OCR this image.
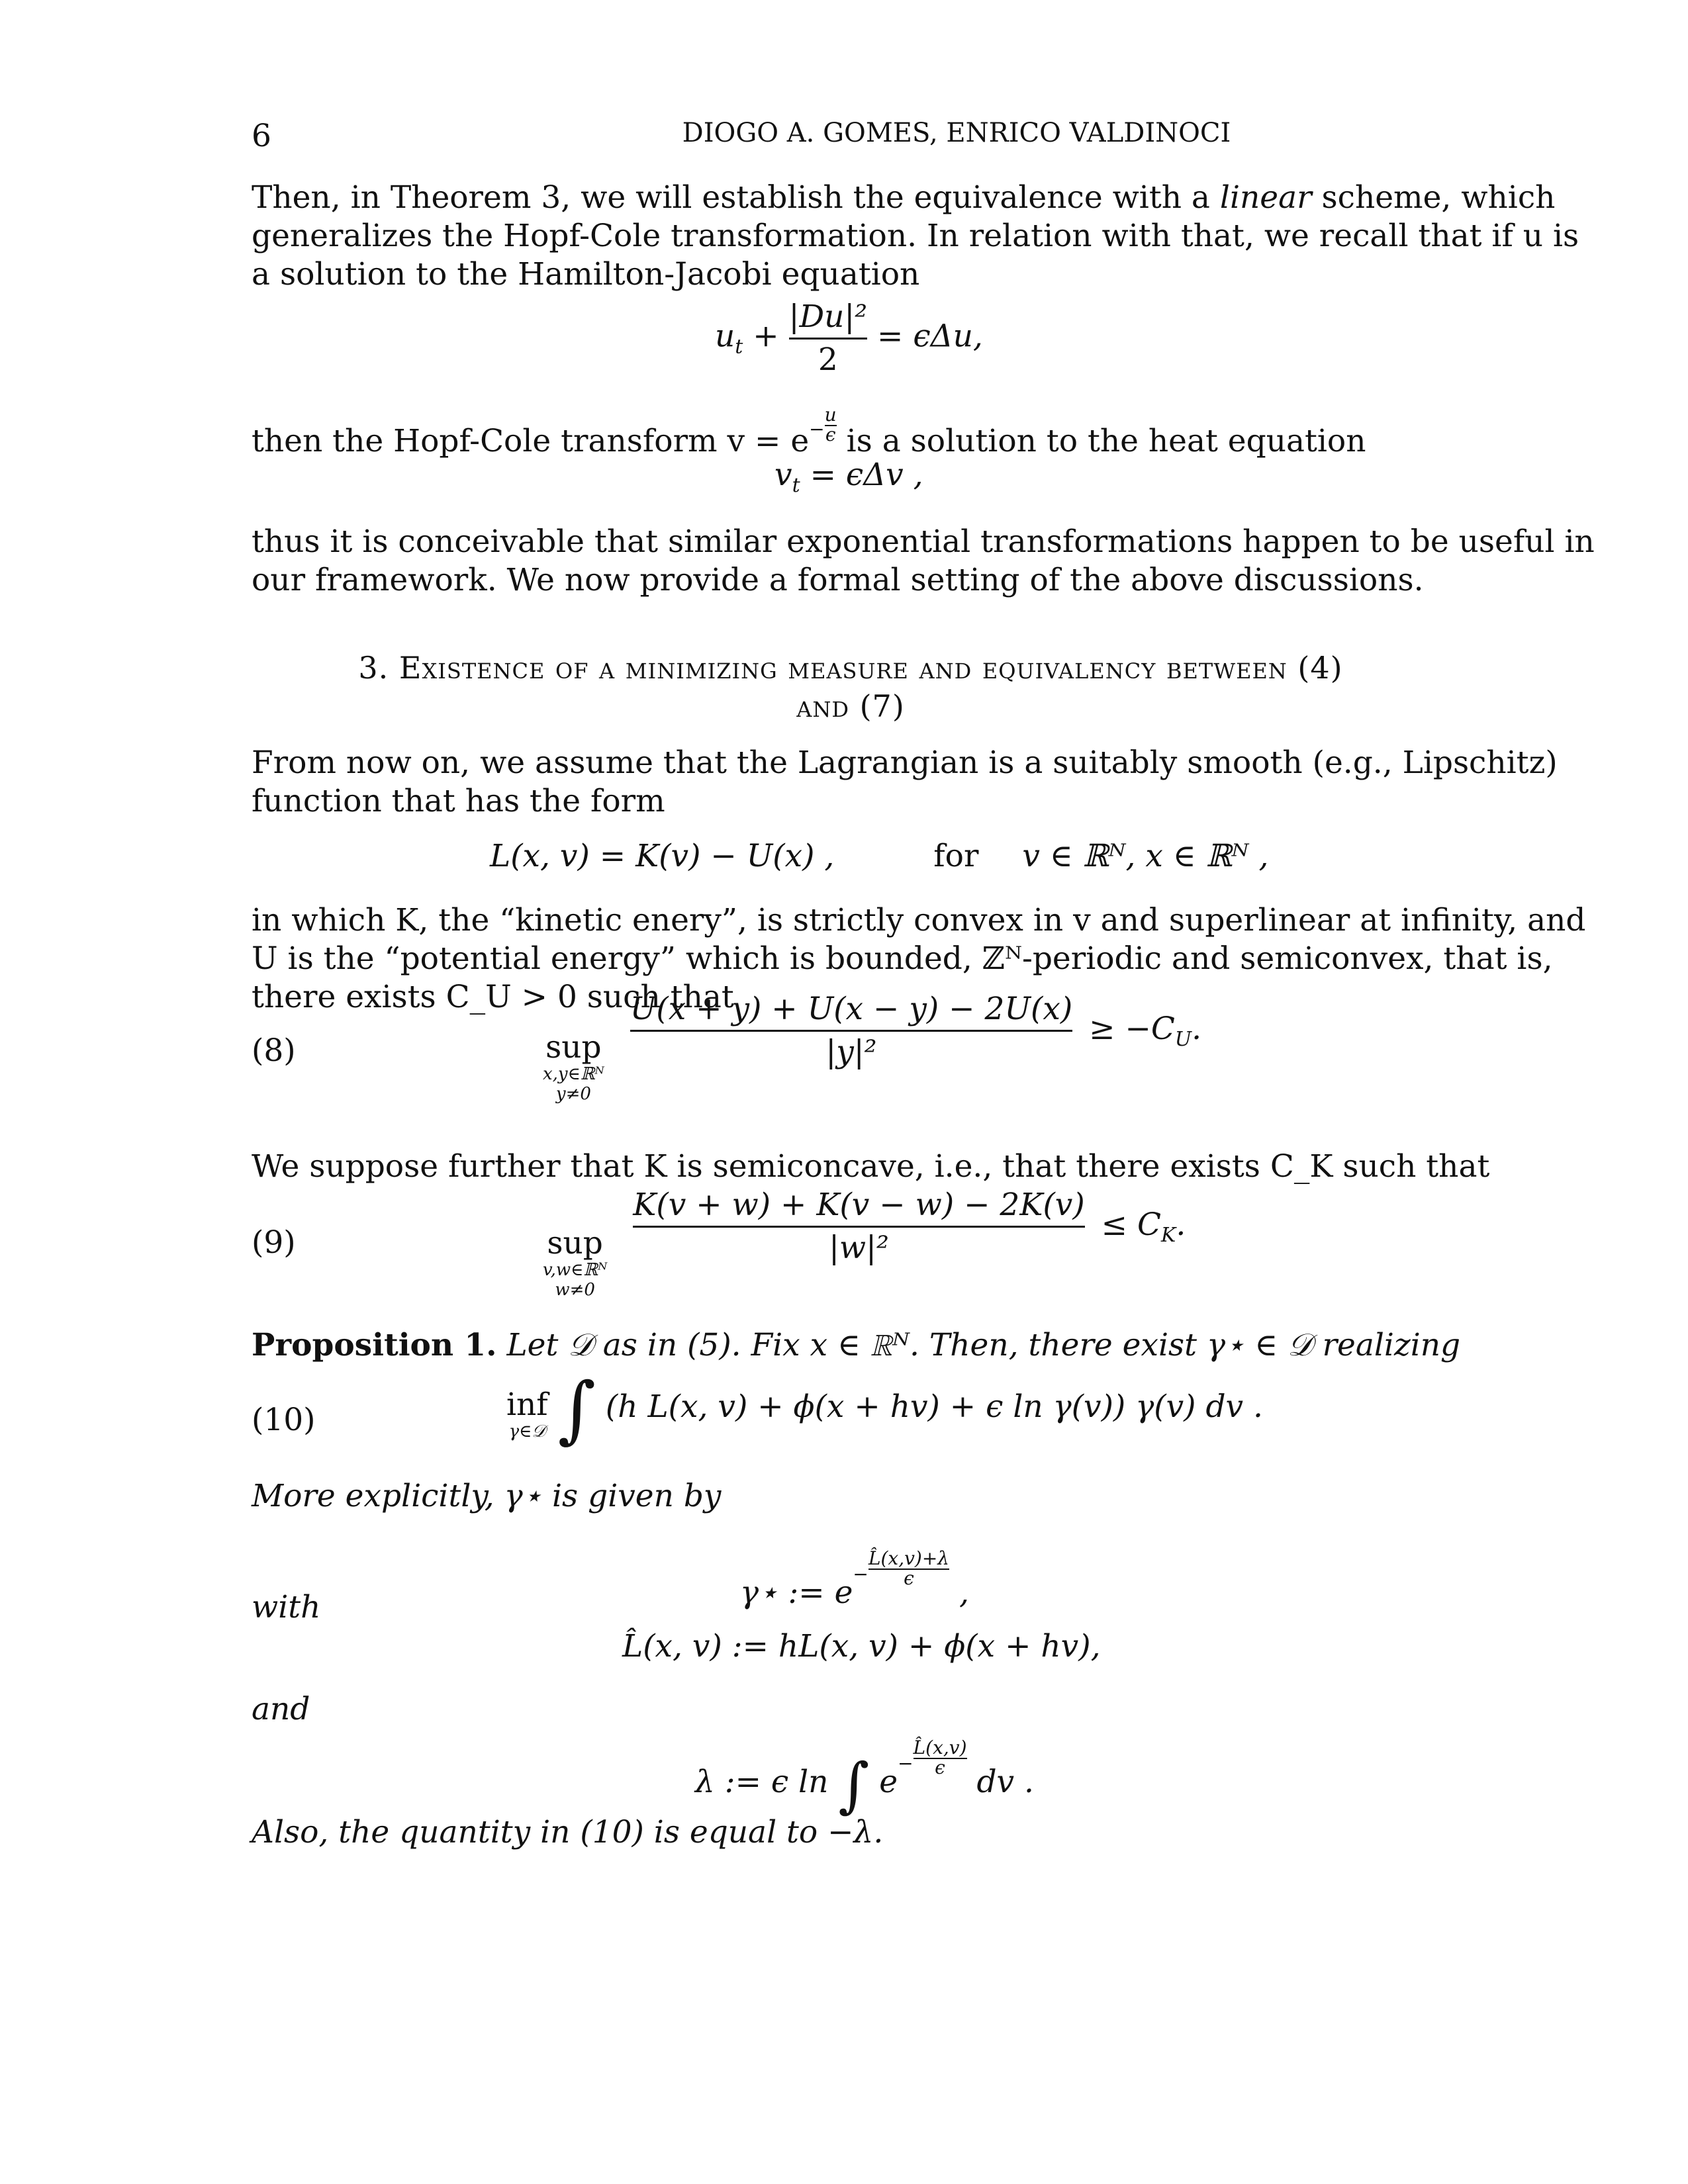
6	DIOGO A. GOMES, ENRICO VALDINOCI
Then, in Theorem 3, we will establish the equivalence with a linear scheme, which
generalizes the Hopf-Cole transformation. In relation with that, we recall that if u is
a solution to the Hamilton-Jacobi equation
$u_t + \frac{\text{|Du|²}}{2} = \epsilon\Delta u$,
then the Hopf-Cole transform $v = e^- \frac{u}{\epsilon}$ is a solution to the heat equation
$v_t = \epsilon\Delta v$ ,
thus it is conceivable that similar exponential transformations happen to be useful in
our framework. We now provide a formal setting of the above discussions.
3. Existence of a minimizing measure and equivalency between (4)
and (7)
From now on, we assume that the Lagrangian is a suitably smooth (e.g., Lipschitz)
function that has the form
L(x, v) = K(v) − U(x) ,	for v ∈ ℝᴺ, x ∈ ℝᴺ ,
in which K, the “kinetic enery”, is strictly convex in v and superlinear at infinity, and
U is the “potential energy” which is bounded, ℤᴺ-periodic and semiconvex, that is,
there exists C_U > 0 such that
(8)	sup
x,y∈ℝᴺ
y≠0

$\frac{U(x + y) + U(x - y) - 2U(x)}{\text{|y|²}} \ge -C_U$.
We suppose further that K is semiconcave, i.e., that there exists C_K such that
(9)	sup
v,w∈ℝᴺ
w≠0

$\frac{K(v + w) + K(v - w) - 2K(v)}{\text{|w|²}} \le C_K$.
Proposition 1. Let 𝒟 as in (5). Fix x ∈ ℝᴺ. Then, there exist γ⋆ ∈ 𝒟 realizing
(10)	inf
γ∈𝒟 ∫ (h L(x, v) + ϕ(x + hv) + ϵ ln γ(v)) γ(v) dv .
More explicitly, γ⋆ is given by
γ⋆ := $e^- \frac{L̂(x,v)+\lambda}{\epsilon}$
,
with
L̂(x, v) := hL(x, v) + ϕ(x + hv),
and
λ := ϵ ln ∫ $e^- \frac{L̂(x,v)}{\epsilon}$
dv .
Also, the quantity in (10) is equal to −λ.
